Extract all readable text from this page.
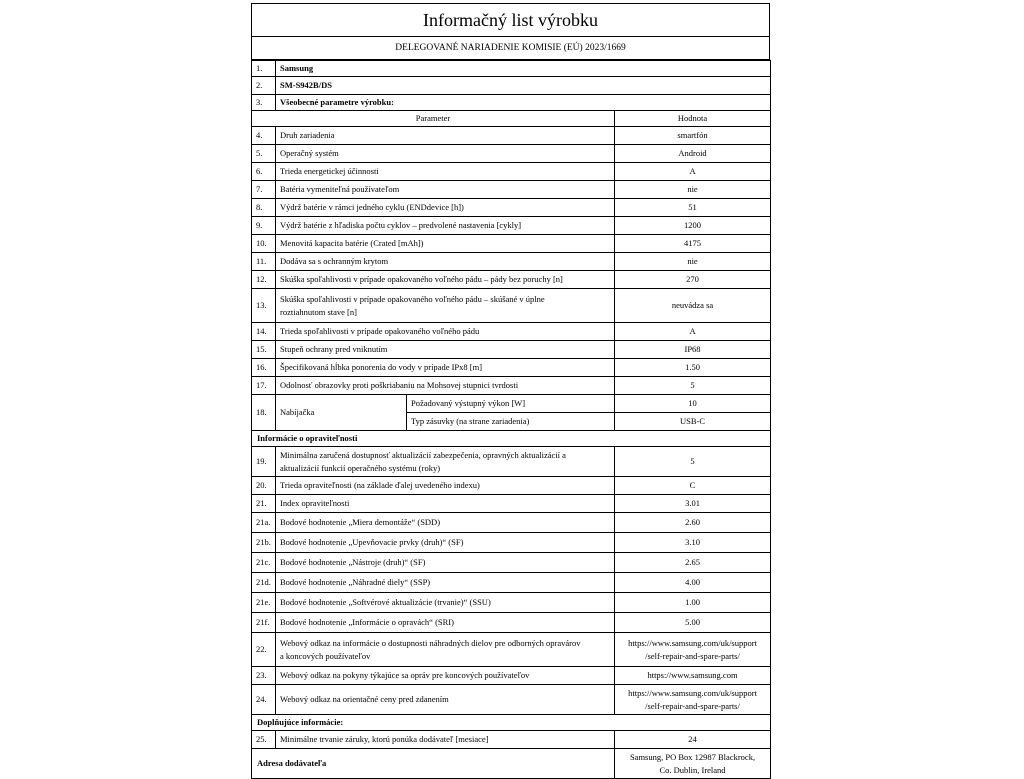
Informačný list výrobku
DELEGOVANÉ NARIADENIE KOMISIE (EÚ) 2023/1669
1.	Samsung		
2.	SM-S942B/DS		
3.	Všeobecné parametre výrobku:		
Parameter			Hodnota
4.	Druh zariadenia		smartfón
5.	Operačný systém		Android
6.	Trieda energetickej účinnosti		A
7.	Batéria vymeniteľná používateľom		nie
8.	Výdrž batérie v rámci jedného cyklu (ENDdevice [h])		51
9.	Výdrž batérie z hľadiska počtu cyklov – predvolené nastavenia [cykly]		1200
10.	Menovitá kapacita batérie (Crated [mAh])		4175
11.	Dodáva sa s ochranným krytom		nie
12.	Skúška spoľahlivosti v prípade opakovaného voľného pádu – pády bez poruchy [n]		270
13.	Skúška spoľahlivosti v prípade opakovaného voľného pádu – skúšané v úplne
roztiahnutom stave [n]		neuvádza sa
14.	Trieda spoľahlivosti v prípade opakovaného voľného pádu		A
15.	Stupeň ochrany pred vniknutím		IP68
16.	Špecifikovaná hĺbka ponorenia do vody v prípade IPx8 [m]		1.50
17.	Odolnosť obrazovky proti poškriabaniu na Mohsovej stupnici tvrdosti		5
18.	Nabíjačka	Požadovaný výstupný výkon [W]	10
		Typ zásuvky (na strane zariadenia)	USB-C
Informácie o opraviteľnosti			
19.	Minimálna zaručená dostupnosť aktualizácií zabezpečenia, opravných aktualizácií a
aktualizácií funkcií operačného systému (roky)		5
20.	Trieda opraviteľnosti (na základe ďalej uvedeného indexu)		C
21.	Index opraviteľnosti		3.01
21a.	Bodové hodnotenie „Miera demontáže“ (SDD)		2.60
21b.	Bodové hodnotenie „Upevňovacie prvky (druh)“ (SF)		3.10
21c.	Bodové hodnotenie „Nástroje (druh)“ (SF)		2.65
21d.	Bodové hodnotenie „Náhradné diely“ (SSP)		4.00
21e.	Bodové hodnotenie „Softvérové aktualizácie (trvanie)“ (SSU)		1.00
21f.	Bodové hodnotenie „Informácie o opravách“ (SRI)		5.00
22.	Webový odkaz na informácie o dostupnosti náhradných dielov pre odborných opravárov
a koncových používateľov		https://www.samsung.com/uk/support
/self-repair-and-spare-parts/
23.	Webový odkaz na pokyny týkajúce sa opráv pre koncových používateľov		https://www.samsung.com
24.	Webový odkaz na orientačné ceny pred zdanením		https://www.samsung.com/uk/support
/self-repair-and-spare-parts/
Doplňujúce informácie:			
25.	Minimálne trvanie záruky, ktorú ponúka dodávateľ [mesiace]		24
Adresa dodávateľa			Samsung, PO Box 12987 Blackrock,
Co. Dublin, Ireland
